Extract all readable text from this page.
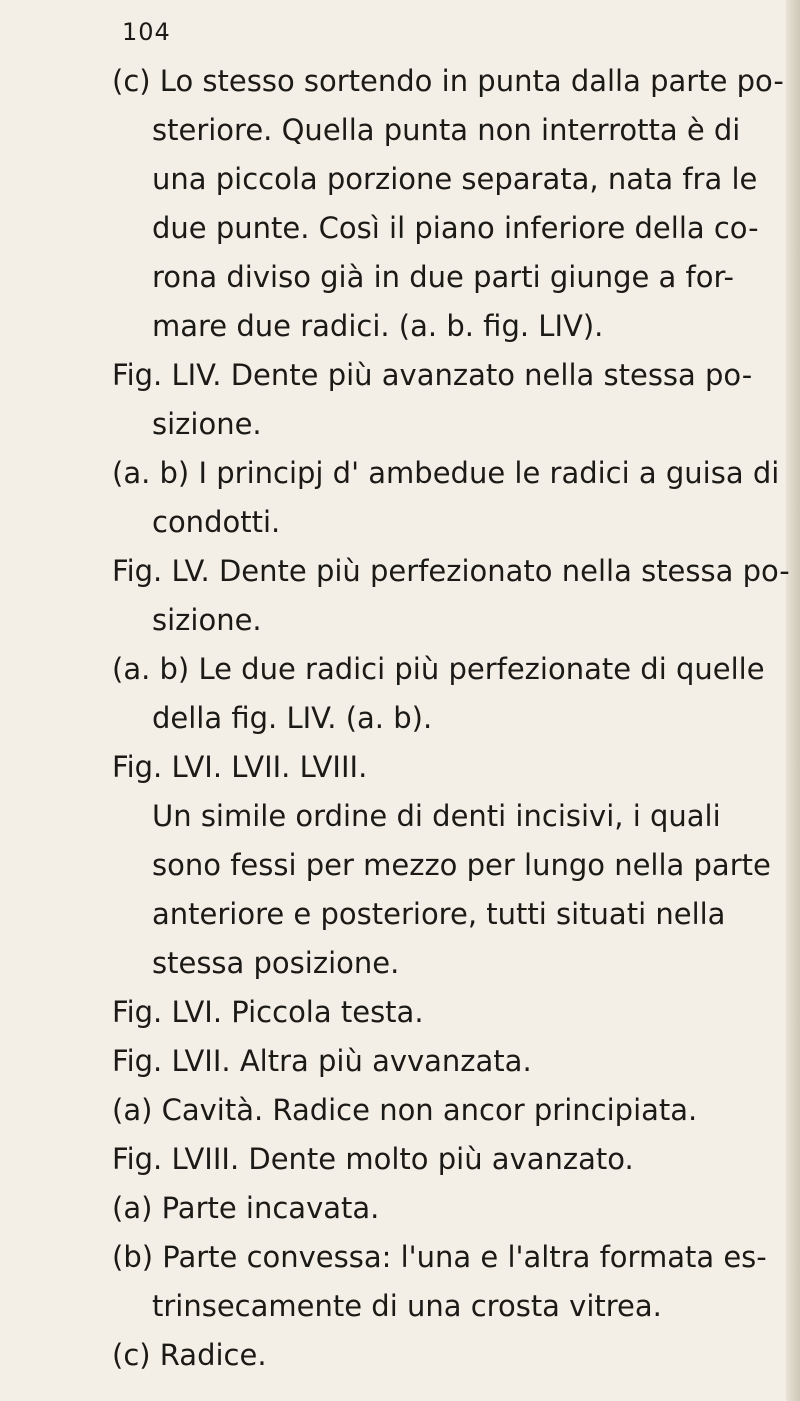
104
(c) Lo stesso sortendo in punta dalla parte po-
steriore. Quella punta non interrotta è di
una piccola porzione separata, nata fra le
due punte. Così il piano inferiore della co-
rona diviso già in due parti giunge a for-
mare due radici. (a. b. fig. LIV).
Fig. LIV. Dente più avanzato nella stessa po-
sizione.
(a. b) I principj d' ambedue le radici a guisa di
condotti.
Fig. LV. Dente più perfezionato nella stessa po-
sizione.
(a. b) Le due radici più perfezionate di quelle
della fig. LIV. (a. b).
Fig. LVI. LVII. LVIII.
Un simile ordine di denti incisivi, i quali
sono fessi per mezzo per lungo nella parte
anteriore e posteriore, tutti situati nella
stessa posizione.
Fig. LVI. Piccola testa.
Fig. LVII. Altra più avvanzata.
(a) Cavità. Radice non ancor principiata.
Fig. LVIII. Dente molto più avanzato.
(a) Parte incavata.
(b) Parte convessa: l'una e l'altra formata es-
trinsecamente di una crosta vitrea.
(c) Radice.
